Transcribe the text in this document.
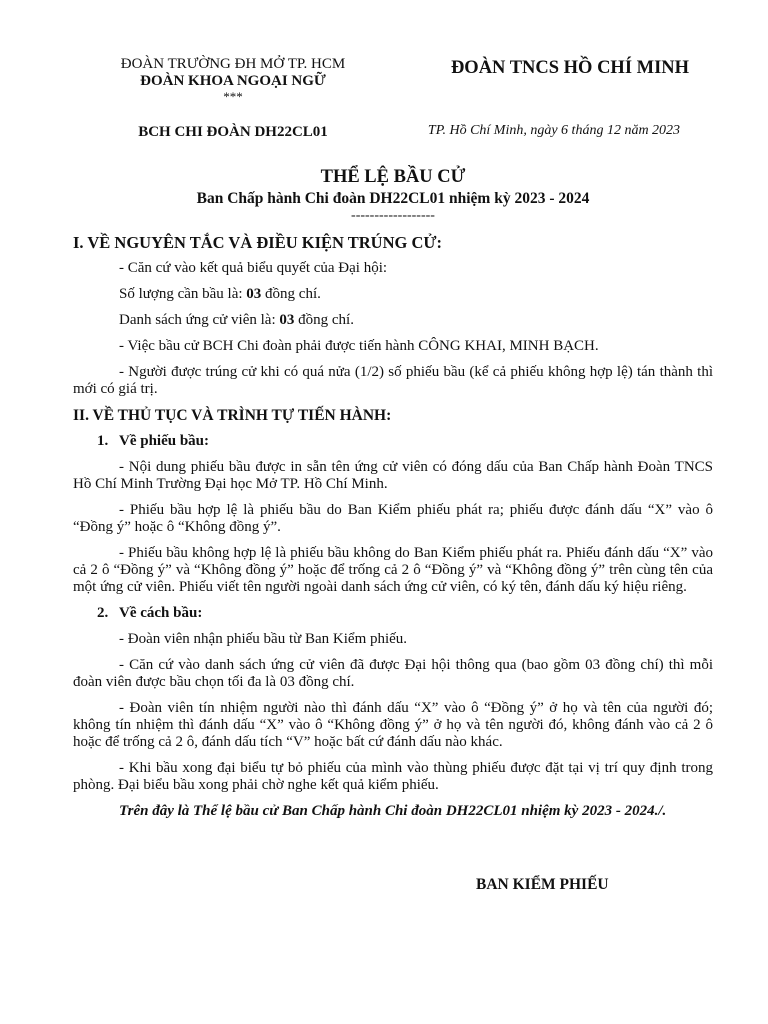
ĐOÀN TRƯỜNG ĐH MỞ TP. HCM
ĐOÀN KHOA NGOẠI NGỮ
***
ĐOÀN TNCS HỒ CHÍ MINH
BCH CHI ĐOÀN DH22CL01	TP. Hồ Chí Minh, ngày 6 tháng 12 năm 2023
THỂ LỆ BẦU CỬ
Ban Chấp hành Chi đoàn DH22CL01 nhiệm kỳ 2023 - 2024
------------------
I. VỀ NGUYÊN TẮC VÀ ĐIỀU KIỆN TRÚNG CỬ:
- Căn cứ vào kết quả biểu quyết của Đại hội:
Số lượng cần bầu là: 03 đồng chí.
Danh sách ứng cử viên là: 03 đồng chí.
- Việc bầu cử BCH Chi đoàn phải được tiến hành CÔNG KHAI, MINH BẠCH.
- Người được trúng cử khi có quá nửa (1/2) số phiếu bầu (kể cả phiếu không hợp lệ) tán thành thì mới có giá trị.
II. VỀ THỦ TỤC VÀ TRÌNH TỰ TIẾN HÀNH:
1. Về phiếu bầu:
- Nội dung phiếu bầu được in sẵn tên ứng cử viên có đóng dấu của Ban Chấp hành Đoàn TNCS Hồ Chí Minh Trường Đại học Mở TP. Hồ Chí Minh.
- Phiếu bầu hợp lệ là phiếu bầu do Ban Kiểm phiếu phát ra; phiếu được đánh dấu “X” vào ô “Đồng ý” hoặc ô “Không đồng ý”.
- Phiếu bầu không hợp lệ là phiếu bầu không do Ban Kiểm phiếu phát ra. Phiếu đánh dấu “X” vào cả 2 ô “Đồng ý” và “Không đồng ý” hoặc để trống cả 2 ô “Đồng ý” và “Không đồng ý” trên cùng tên của một ứng cử viên. Phiếu viết tên người ngoài danh sách ứng cử viên, có ký tên, đánh dấu ký hiệu riêng.
2. Về cách bầu:
- Đoàn viên nhận phiếu bầu từ Ban Kiểm phiếu.
- Căn cứ vào danh sách ứng cử viên đã được Đại hội thông qua (bao gồm 03 đồng chí) thì mỗi đoàn viên được bầu chọn tối đa là 03 đồng chí.
- Đoàn viên tín nhiệm người nào thì đánh dấu “X” vào ô “Đồng ý” ở họ và tên của người đó; không tín nhiệm thì đánh dấu “X” vào ô “Không đồng ý” ở họ và tên người đó, không đánh vào cả 2 ô hoặc để trống cả 2 ô, đánh dấu tích “V” hoặc bất cứ đánh dấu nào khác.
- Khi bầu xong đại biểu tự bỏ phiếu của mình vào thùng phiếu được đặt tại vị trí quy định trong phòng. Đại biểu bầu xong phải chờ nghe kết quả kiểm phiếu.
Trên đây là Thể lệ bầu cử Ban Chấp hành Chi đoàn DH22CL01 nhiệm kỳ 2023 - 2024./.
BAN KIỂM PHIẾU
